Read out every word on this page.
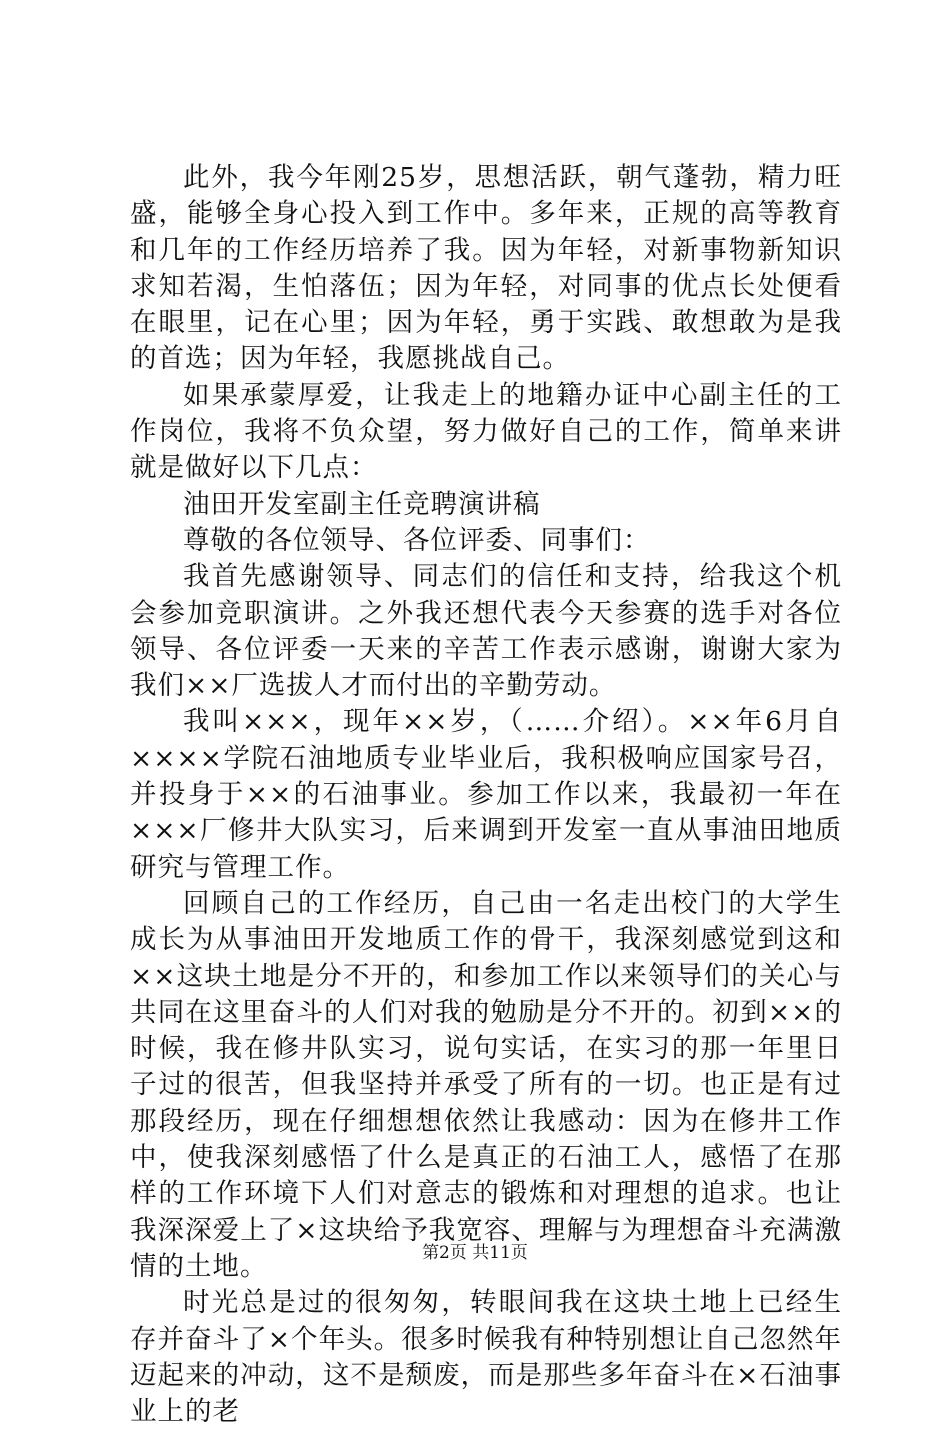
此外，我今年刚25岁，思想活跃，朝气蓬勃，精力旺盛，能够全身心投入到工作中。多年来，正规的高等教育和几年的工作经历培养了我。因为年轻，对新事物新知识求知若渴，生怕落伍；因为年轻，对同事的优点长处便看在眼里，记在心里；因为年轻，勇于实践、敢想敢为是我的首选；因为年轻，我愿挑战自己。

如果承蒙厚爱，让我走上的地籍办证中心副主任的工作岗位，我将不负众望，努力做好自己的工作，简单来讲就是做好以下几点：

油田开发室副主任竞聘演讲稿

尊敬的各位领导、各位评委、同事们：

我首先感谢领导、同志们的信任和支持，给我这个机会参加竞职演讲。之外我还想代表今天参赛的选手对各位领导、各位评委一天来的辛苦工作表示感谢，谢谢大家为我们××厂选拔人才而付出的辛勤劳动。

我叫×××，现年××岁，（……介绍）。××年6月自××××学院石油地质专业毕业后，我积极响应国家号召，并投身于××的石油事业。参加工作以来，我最初一年在×××厂修井大队实习，后来调到开发室一直从事油田地质研究与管理工作。

回顾自己的工作经历，自己由一名走出校门的大学生成长为从事油田开发地质工作的骨干，我深刻感觉到这和××这块土地是分不开的，和参加工作以来领导们的关心与共同在这里奋斗的人们对我的勉励是分不开的。初到××的时候，我在修井队实习，说句实话，在实习的那一年里日子过的很苦，但我坚持并承受了所有的一切。也正是有过那段经历，现在仔细想想依然让我感动：因为在修井工作中，使我深刻感悟了什么是真正的石油工人，感悟了在那样的工作环境下人们对意志的锻炼和对理想的追求。也让我深深爱上了×这块给予我宽容、理解与为理想奋斗充满激情的土地。

时光总是过的很匆匆，转眼间我在这块土地上已经生存并奋斗了×个年头。很多时候我有种特别想让自己忽然年迈起来的冲动，这不是颓废，而是那些多年奋斗在×石油事业上的老

第2页 共11页
